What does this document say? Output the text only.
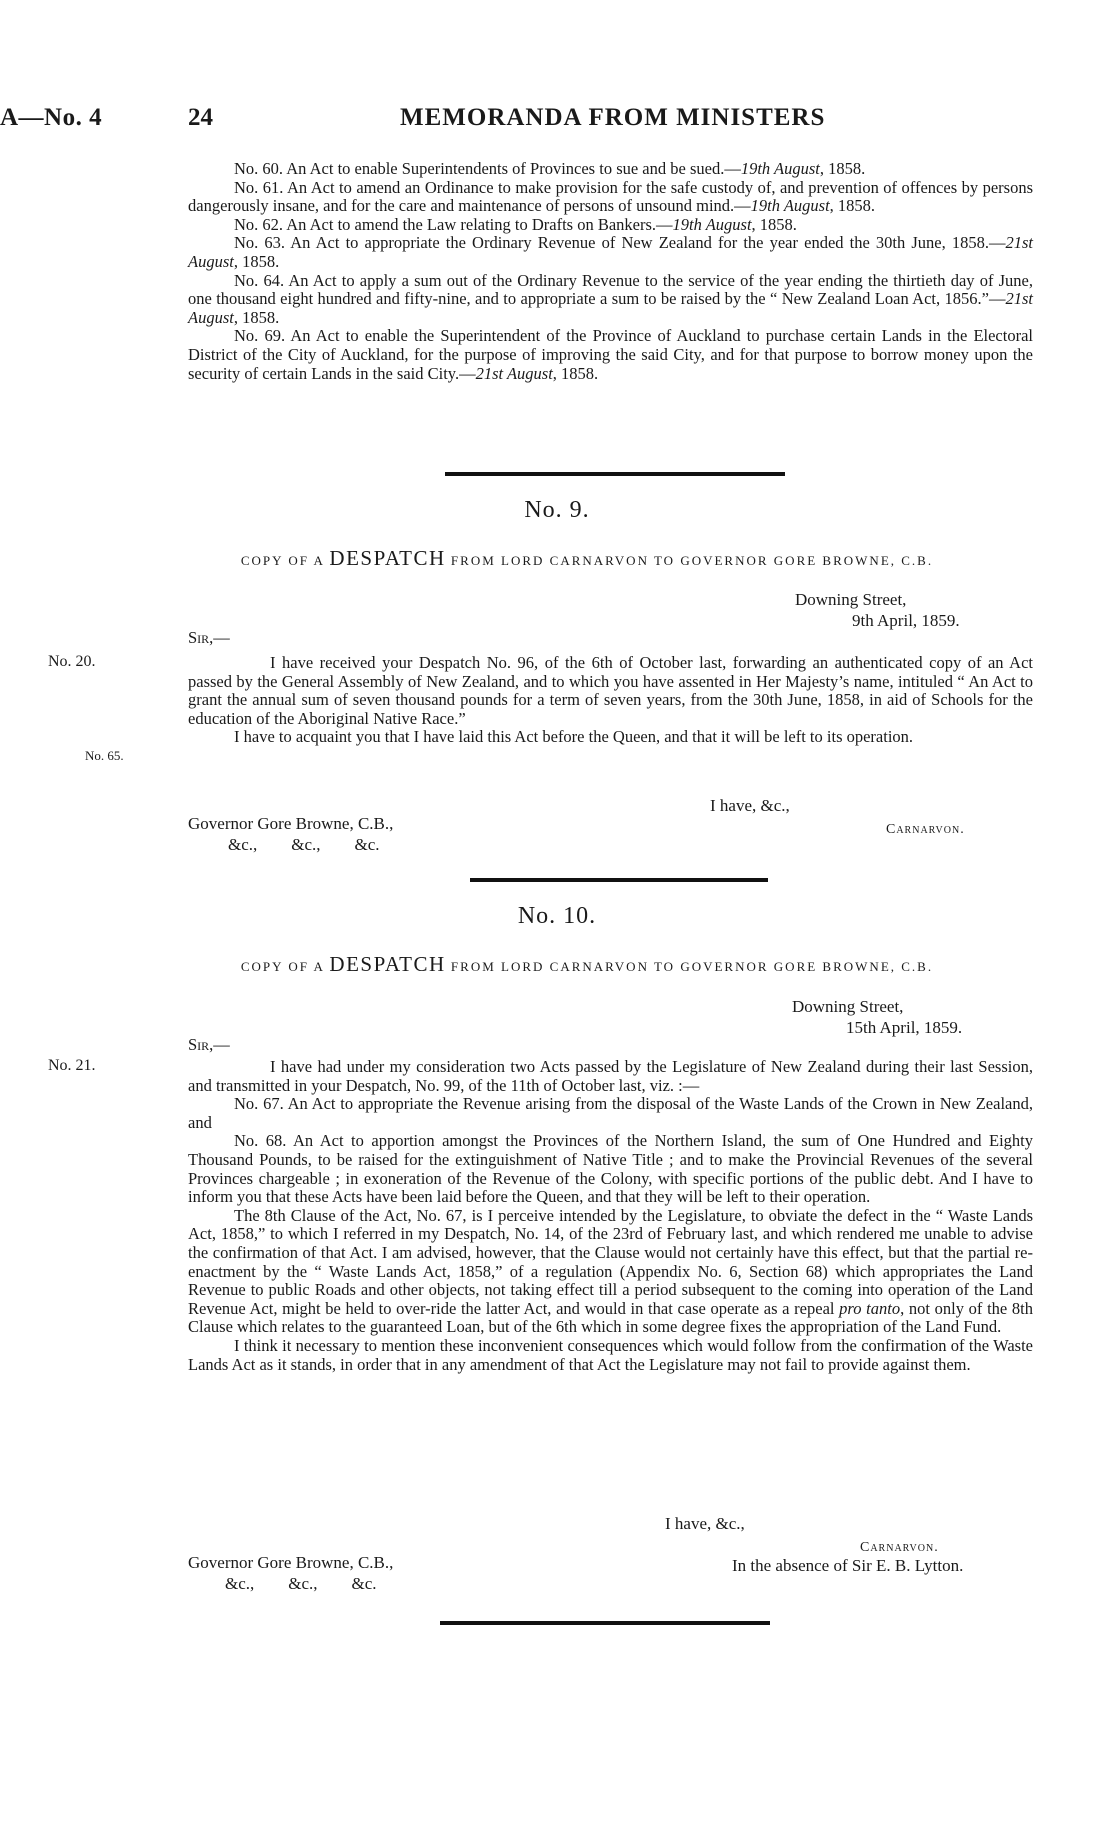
A—No. 4	24	MEMORANDA FROM MINISTERS

No. 60. An Act to enable Superintendents of Provinces to sue and be sued.—19th August, 1858.

No. 61. An Act to amend an Ordinance to make provision for the safe custody of, and prevention of offences by persons dangerously insane, and for the care and maintenance of persons of unsound mind.—19th August, 1858.

No. 62. An Act to amend the Law relating to Drafts on Bankers.—19th August, 1858.

No. 63. An Act to appropriate the Ordinary Revenue of New Zealand for the year ended the 30th June, 1858.—21st August, 1858.

No. 64. An Act to apply a sum out of the Ordinary Revenue to the service of the year ending the thirtieth day of June, one thousand eight hundred and fifty-nine, and to appropriate a sum to be raised by the “ New Zealand Loan Act, 1856.”—21st August, 1858.

No. 69. An Act to enable the Superintendent of the Province of Auckland to purchase certain Lands in the Electoral District of the City of Auckland, for the purpose of improving the said City, and for that purpose to borrow money upon the security of certain Lands in the said City.—21st August, 1858.

No. 9.
COPY OF A DESPATCH FROM LORD CARNARVON TO GOVERNOR GORE BROWNE, C.B.
Downing Street,
9th April, 1859.
Sir,—
No. 20.
No. 65.

I have received your Despatch No. 96, of the 6th of October last, forwarding an authenticated copy of an Act passed by the General Assembly of New Zealand, and to which you have assented in Her Majesty’s name, intituled “ An Act to grant the annual sum of seven thousand pounds for a term of seven years, from the 30th June, 1858, in aid of Schools for the education of the Aboriginal Native Race.”

I have to acquaint you that I have laid this Act before the Queen, and that it will be left to its operation.

I have, &c.,
Governor Gore Browne, C.B.,
&c.,        &c.,        &c.
Carnarvon.
No. 10.
COPY OF A DESPATCH FROM LORD CARNARVON TO GOVERNOR GORE BROWNE, C.B.
Downing Street,
15th April, 1859.
Sir,—
No. 21.	I have had under my consideration two Acts passed by the Legislature of New Zealand during their last Session, and transmitted in your Despatch, No. 99, of the 11th of October last, viz. :—

No. 67. An Act to appropriate the Revenue arising from the disposal of the Waste Lands of the Crown in New Zealand, and

No. 68. An Act to apportion amongst the Provinces of the Northern Island, the sum of One Hundred and Eighty Thousand Pounds, to be raised for the extinguishment of Native Title ; and to make the Provincial Revenues of the several Provinces chargeable ; in exoneration of the Revenue of the Colony, with specific portions of the public debt. And I have to inform you that these Acts have been laid before the Queen, and that they will be left to their operation.

The 8th Clause of the Act, No. 67, is I perceive intended by the Legislature, to obviate the defect in the “ Waste Lands Act, 1858,” to which I referred in my Despatch, No. 14, of the 23rd of February last, and which rendered me unable to advise the confirmation of that Act. I am advised, however, that the Clause would not certainly have this effect, but that the partial re-enactment by the “ Waste Lands Act, 1858,” of a regulation (Appendix No. 6, Section 68) which appropriates the Land Revenue to public Roads and other objects, not taking effect till a period subsequent to the coming into operation of the Land Revenue Act, might be held to over-ride the latter Act, and would in that case operate as a repeal pro tanto, not only of the 8th Clause which relates to the guaranteed Loan, but of the 6th which in some degree fixes the appropriation of the Land Fund.

I think it necessary to mention these inconvenient consequences which would follow from the confirmation of the Waste Lands Act as it stands, in order that in any amendment of that Act the Legislature may not fail to provide against them.

I have, &c.,
Carnarvon.
In the absence of Sir E. B. Lytton.
Governor Gore Browne, C.B.,
&c.,        &c.,        &c.
